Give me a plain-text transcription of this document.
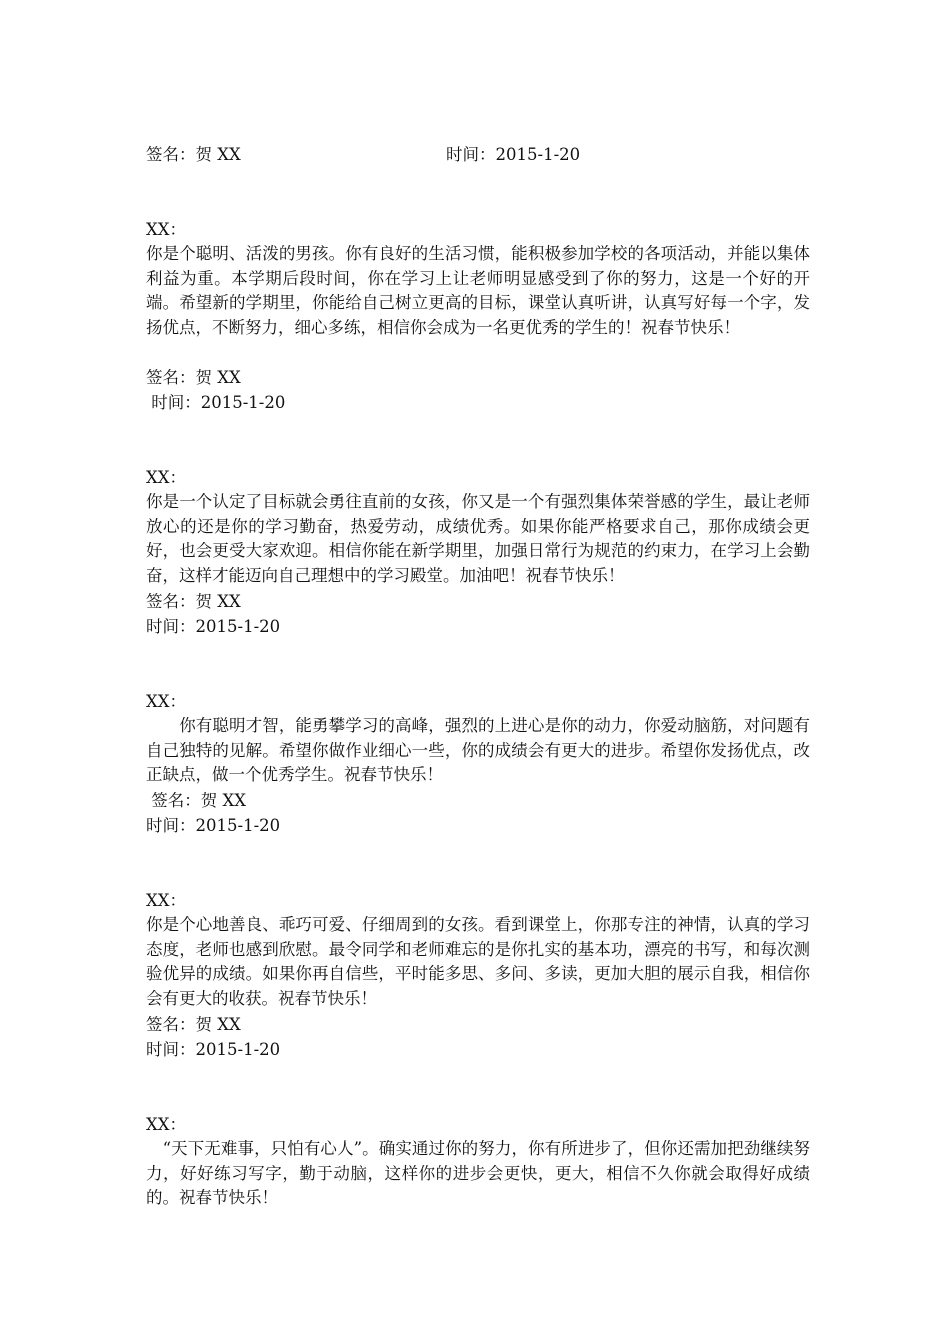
签名：贺 XX	时间：2015-1-20
XX：
你是个聪明、活泼的男孩。你有良好的生活习惯，能积极参加学校的各项活动，并能以集体利益为重。本学期后段时间，你在学习上让老师明显感受到了你的努力，这是一个好的开端。希望新的学期里，你能给自己树立更高的目标，课堂认真听讲，认真写好每一个字，发扬优点，不断努力，细心多练，相信你会成为一名更优秀的学生的！祝春节快乐！
签名：贺 XX
时间：2015-1-20
XX：
你是一个认定了目标就会勇往直前的女孩，你又是一个有强烈集体荣誉感的学生，最让老师放心的还是你的学习勤奋，热爱劳动，成绩优秀。如果你能严格要求自己，那你成绩会更好，也会更受大家欢迎。相信你能在新学期里，加强日常行为规范的约束力，在学习上会勤奋，这样才能迈向自己理想中的学习殿堂。加油吧！祝春节快乐！
签名：贺 XX
时间：2015-1-20
XX：
　　你有聪明才智，能勇攀学习的高峰，强烈的上进心是你的动力，你爱动脑筋，对问题有自己独特的见解。希望你做作业细心一些，你的成绩会有更大的进步。希望你发扬优点，改正缺点，做一个优秀学生。祝春节快乐！
签名：贺 XX
时间：2015-1-20
XX：
你是个心地善良、乖巧可爱、仔细周到的女孩。看到课堂上，你那专注的神情，认真的学习态度，老师也感到欣慰。最令同学和老师难忘的是你扎实的基本功，漂亮的书写，和每次测验优异的成绩。如果你再自信些，平时能多思、多问、多读，更加大胆的展示自我，相信你会有更大的收获。祝春节快乐！
签名：贺 XX
时间：2015-1-20
XX：
　“天下无难事，只怕有心人”。确实通过你的努力，你有所进步了，但你还需加把劲继续努力，好好练习写字，勤于动脑，这样你的进步会更快，更大，相信不久你就会取得好成绩的。祝春节快乐！
